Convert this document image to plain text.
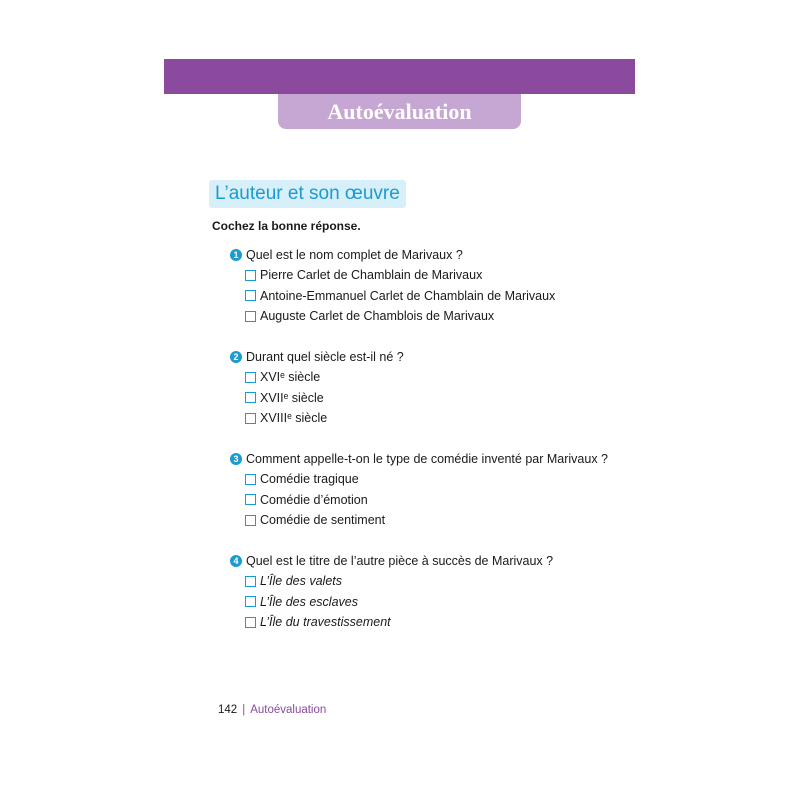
Autoévaluation
L’auteur et son œuvre
Cochez la bonne réponse.
1 Quel est le nom complet de Marivaux ?
Pierre Carlet de Chamblain de Marivaux
Antoine-Emmanuel Carlet de Chamblain de Marivaux
Auguste Carlet de Chamblois de Marivaux
2 Durant quel siècle est-il né ?
XVIᵉ siècle
XVIIᵉ siècle
XVIIIᵉ siècle
3 Comment appelle-t-on le type de comédie inventé par Marivaux ?
Comédie tragique
Comédie d’émotion
Comédie de sentiment
4 Quel est le titre de l’autre pièce à succès de Marivaux ?
L’Île des valets
L’Île des esclaves
L’Île du travestissement
142 | Autoévaluation
